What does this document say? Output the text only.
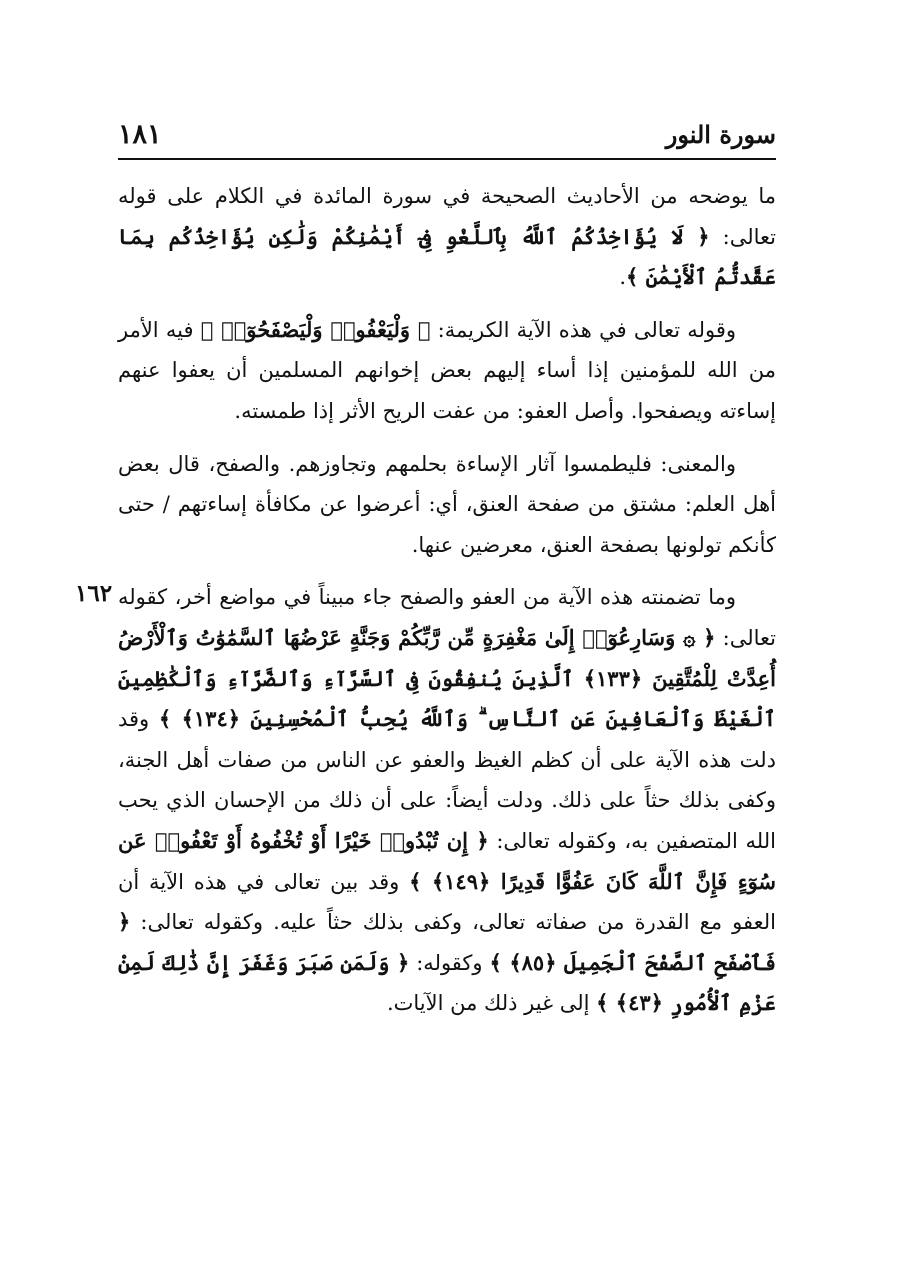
١٨١	سورة النور
١٦٢

ما يوضحه من الأحاديث الصحيحة في سورة المائدة في الكلام على قوله تعالى: ﴿ لَا يُؤَاخِذُكُمُ ٱللَّهُ بِٱللَّغْوِ فِىٓ أَيْمَٰنِكُمْ وَلَٰكِن يُؤَاخِذُكُم بِمَا عَقَّدتُّمُ ٱلْأَيْمَٰنَ ﴾.

وقوله تعالى في هذه الآية الكريمة: ﴿ وَلْيَعْفُوا۟ وَلْيَصْفَحُوٓا۟ ﴾ فيه الأمر من الله للمؤمنين إذا أساء إليهم بعض إخوانهم المسلمين أن يعفوا عنهم إساءته ويصفحوا. وأصل العفو: من عفت الريح الأثر إذا طمسته.

والمعنى: فليطمسوا آثار الإساءة بحلمهم وتجاوزهم. والصفح، قال بعض أهل العلم: مشتق من صفحة العنق، أي: أعرضوا عن مكافأة إساءتهم / حتى كأنكم تولونها بصفحة العنق، معرضين عنها.

وما تضمنته هذه الآية من العفو والصفح جاء مبيناً في مواضع أخر، كقوله تعالى: ﴿ ۞ وَسَارِعُوٓا۟ إِلَىٰ مَغْفِرَةٍ مِّن رَّبِّكُمْ وَجَنَّةٍ عَرْضُهَا ٱلسَّمَٰوَٰتُ وَٱلْأَرْضُ أُعِدَّتْ لِلْمُتَّقِينَ ﴿١٣٣﴾ ٱلَّذِينَ يُنفِقُونَ فِى ٱلسَّرَّآءِ وَٱلضَّرَّآءِ وَٱلْكَٰظِمِينَ ٱلْغَيْظَ وَٱلْعَافِينَ عَنِ ٱلنَّاسِ ۗ وَٱللَّهُ يُحِبُّ ٱلْمُحْسِنِينَ ﴿١٣٤﴾ ﴾ وقد دلت هذه الآية على أن كظم الغيظ والعفو عن الناس من صفات أهل الجنة، وكفى بذلك حثاً على ذلك. ودلت أيضاً: على أن ذلك من الإحسان الذي يحب الله المتصفين به، وكقوله تعالى: ﴿ إِن تُبْدُوا۟ خَيْرًا أَوْ تُخْفُوهُ أَوْ تَعْفُوا۟ عَن سُوٓءٍ فَإِنَّ ٱللَّهَ كَانَ عَفُوًّا قَدِيرًا ﴿١٤٩﴾ ﴾ وقد بين تعالى في هذه الآية أن العفو مع القدرة من صفاته تعالى، وكفى بذلك حثاً عليه. وكقوله تعالى: ﴿ فَٱصْفَحِ ٱلصَّفْحَ ٱلْجَمِيلَ ﴿٨٥﴾ ﴾ وكقوله: ﴿ وَلَمَن صَبَرَ وَغَفَرَ إِنَّ ذَٰلِكَ لَمِنْ عَزْمِ ٱلْأُمُورِ ﴿٤٣﴾ ﴾ إلى غير ذلك من الآيات.
